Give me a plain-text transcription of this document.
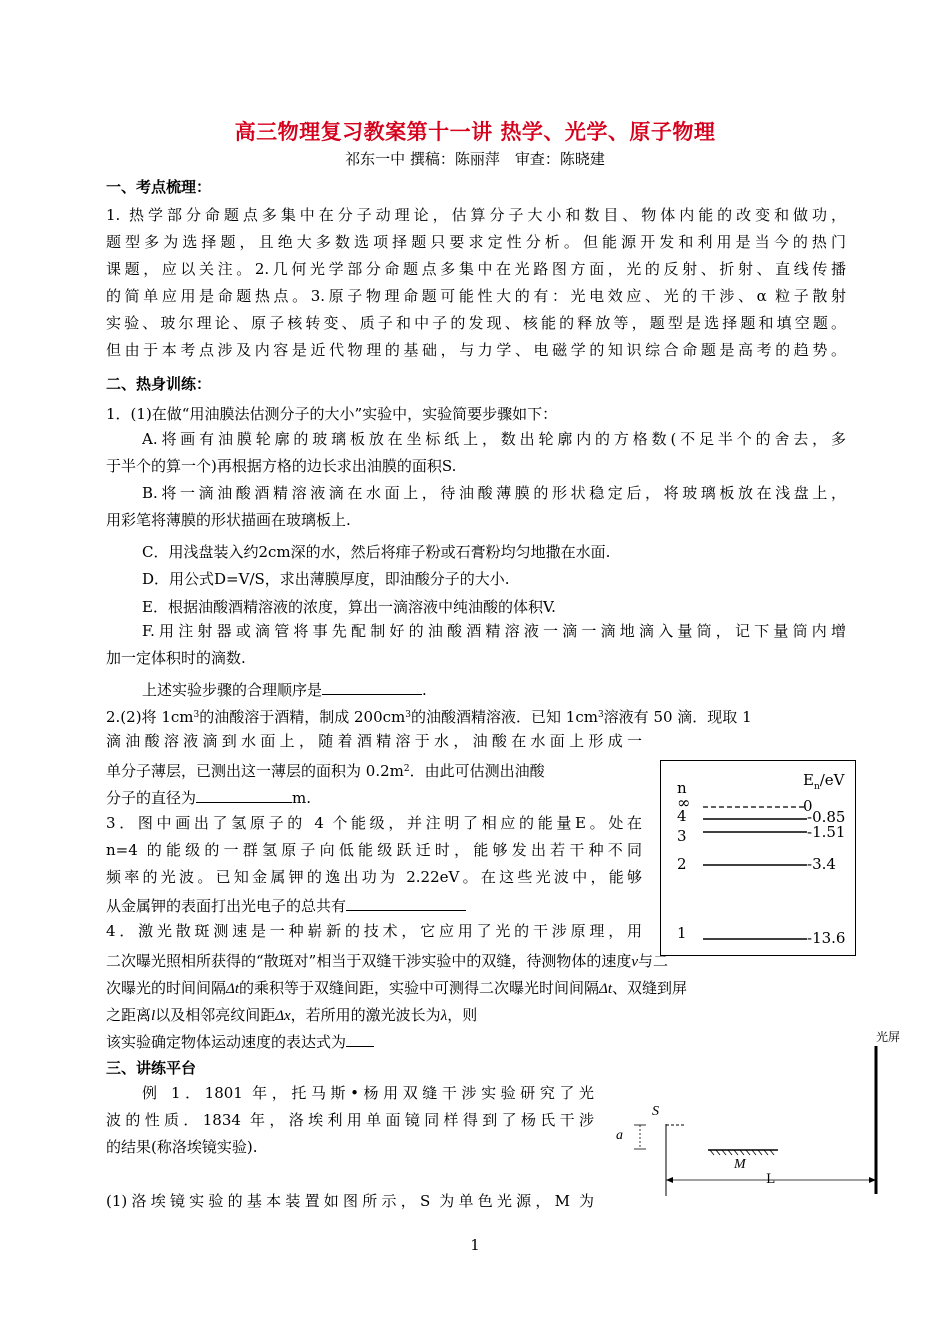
高三物理复习教案第十一讲 热学、光学、原子物理
祁东一中 撰稿：陈丽萍　审查：陈晓建
一、考点梳理：
1. 热学部分命题点多集中在分子动理论，估算分子大小和数目、物体内能的改变和做功，
题型多为选择题，且绝大多数选项择题只要求定性分析。但能源开发和利用是当今的热门
课题，应以关注。2.几何光学部分命题点多集中在光路图方面，光的反射、折射、直线传播
的简单应用是命题热点。3.原子物理命题可能性大的有：光电效应、光的干涉、α 粒子散射
实验、玻尔理论、原子核转变、质子和中子的发现、核能的释放等，题型是选择题和填空题。
但由于本考点涉及内容是近代物理的基础，与力学、电磁学的知识综合命题是高考的趋势。
二、热身训练：
1．(1)在做“用油膜法估测分子的大小”实验中，实验简要步骤如下：
A.将画有油膜轮廓的玻璃板放在坐标纸上，数出轮廓内的方格数(不足半个的舍去，多
于半个的算一个)再根据方格的边长求出油膜的面积S.
B.将一滴油酸酒精溶液滴在水面上，待油酸薄膜的形状稳定后，将玻璃板放在浅盘上，
用彩笔将薄膜的形状描画在玻璃板上.
C．用浅盘装入约2cm深的水，然后将痱子粉或石膏粉均匀地撒在水面.
D．用公式D=V/S，求出薄膜厚度，即油酸分子的大小.
E．根据油酸酒精溶液的浓度，算出一滴溶液中纯油酸的体积V.
F.用注射器或滴管将事先配制好的油酸酒精溶液一滴一滴地滴入量筒，记下量筒内增
加一定体积时的滴数.
上述实验步骤的合理顺序是	.
2.(2)将 $1cm^3$的油酸溶于酒精，制成 $200cm^3$的油酸酒精溶液．已知 $1cm^3$溶液有 50 滴．现取 1
滴油酸溶液滴到水面上，随着酒精溶于水，油酸在水面上形成一
单分子薄层，已测出这一薄层的面积为 $0.2m^2$．由此可估测出油酸
分子的直径为	m.
3．图中画出了氢原子的 4 个能级，并注明了相应的能量E。处在
n=4 的能级的一群氢原子向低能级跃迁时，能够发出若干种不同
频率的光波。已知金属钾的逸出功为 2.22eV。在这些光波中，能够
从金属钾的表面打出光电子的总共有
4．激光散斑测速是一种崭新的技术，它应用了光的干涉原理，用
二次曝光照相所获得的“散斑对”相当于双缝干涉实验中的双缝，待测物体的速度v与二
次曝光的时间间隔Δt的乘积等于双缝间距，实验中可测得二次曝光时间间隔Δt、双缝到屏
之距离l以及相邻亮纹间距Δx，若所用的激光波长为λ，则
该实验确定物体运动速度的表达式为
n	$E_n/eV$
∞	0
4	-0.85
3	-1.51
2	-3.4
1	-13.6
三、讲练平台
例 1．1801 年，托马斯•杨用双缝干涉实验研究了光
波的性质．1834 年，洛埃利用单面镜同样得到了杨氏干涉
的结果(称洛埃镜实验).
(1)洛埃镜实验的基本装置如图所示，S 为单色光源，M 为
光屏
S
a
M
L
1
